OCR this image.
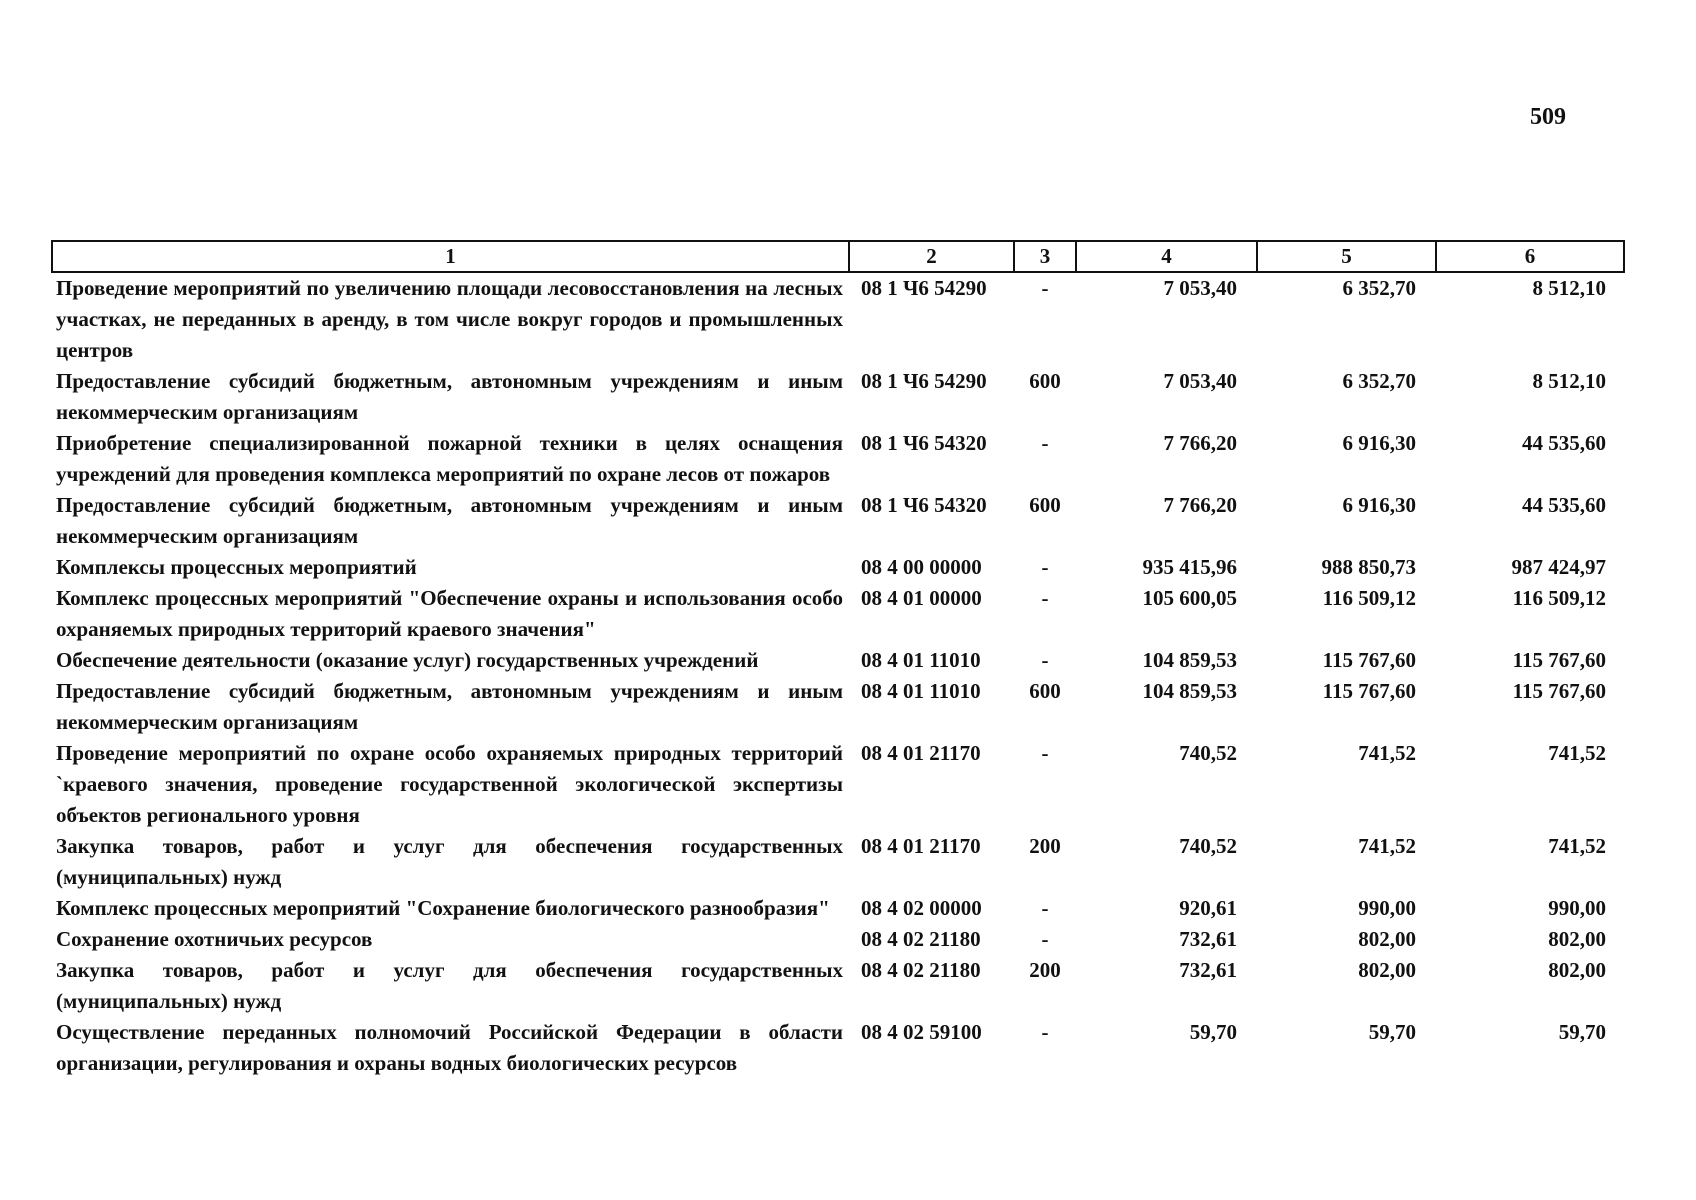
509
1	2	3	4	5	6
Проведение мероприятий по увеличению площади лесовосстановления на лесных участках, не переданных в аренду, в том числе вокруг городов и промышленных центров	08 1 Ч6 54290	-	7 053,40	6 352,70	8 512,10
Предоставление субсидий бюджетным, автономным учреждениям и иным некоммерческим организациям	08 1 Ч6 54290	600	7 053,40	6 352,70	8 512,10
Приобретение специализированной пожарной техники в целях оснащения учреждений для проведения комплекса мероприятий по охране лесов от пожаров	08 1 Ч6 54320	-	7 766,20	6 916,30	44 535,60
Предоставление субсидий бюджетным, автономным учреждениям и иным некоммерческим организациям	08 1 Ч6 54320	600	7 766,20	6 916,30	44 535,60
Комплексы процессных мероприятий	08 4 00 00000	-	935 415,96	988 850,73	987 424,97
Комплекс процессных мероприятий "Обеспечение охраны и использования особо охраняемых природных территорий краевого значения"	08 4 01 00000	-	105 600,05	116 509,12	116 509,12
Обеспечение деятельности (оказание услуг) государственных учреждений	08 4 01 11010	-	104 859,53	115 767,60	115 767,60
Предоставление субсидий бюджетным, автономным учреждениям и иным некоммерческим организациям	08 4 01 11010	600	104 859,53	115 767,60	115 767,60
Проведение мероприятий по охране особо охраняемых природных территорий `краевого значения, проведение государственной экологической экспертизы объектов регионального уровня	08 4 01 21170	-	740,52	741,52	741,52
Закупка товаров, работ и услуг для обеспечения государственных (муниципальных) нужд	08 4 01 21170	200	740,52	741,52	741,52
Комплекс процессных мероприятий "Сохранение биологического разнообразия"	08 4 02 00000	-	920,61	990,00	990,00
Сохранение охотничьих ресурсов	08 4 02 21180	-	732,61	802,00	802,00
Закупка товаров, работ и услуг для обеспечения государственных (муниципальных) нужд	08 4 02 21180	200	732,61	802,00	802,00
Осуществление переданных полномочий Российской Федерации в области организации, регулирования и охраны водных биологических ресурсов	08 4 02 59100	-	59,70	59,70	59,70
